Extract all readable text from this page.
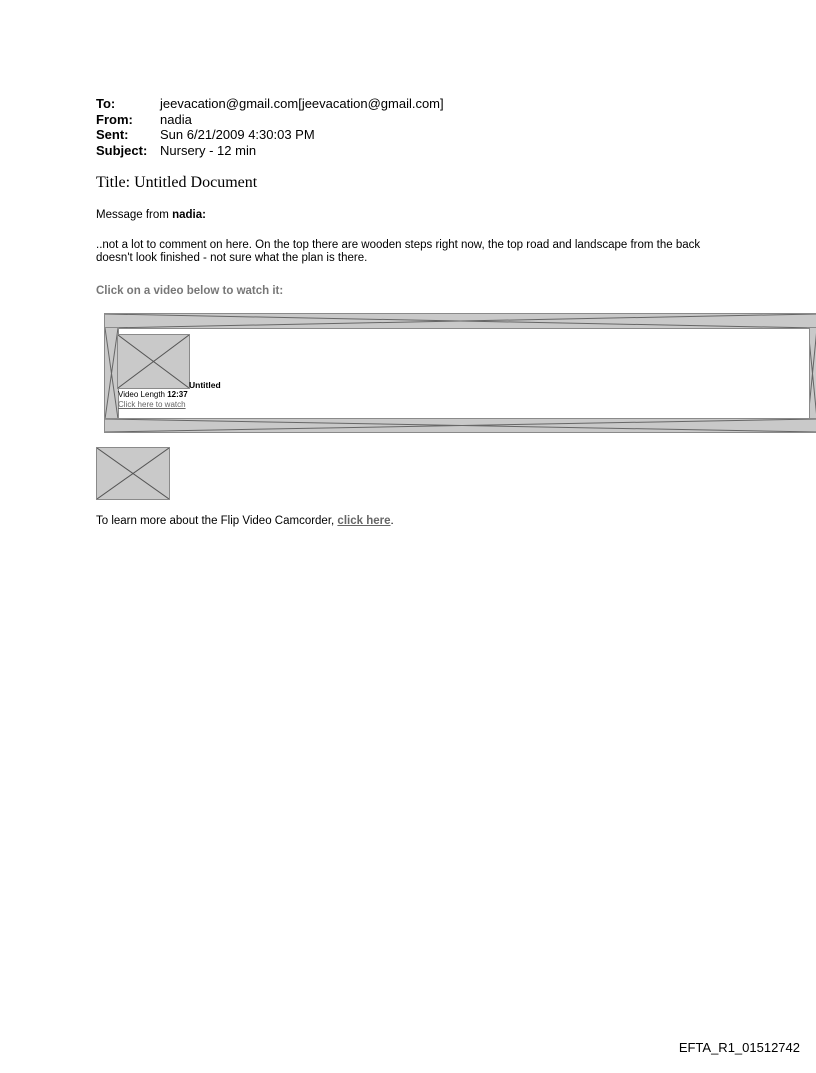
To:	jeevacation@gmail.com[jeevacation@gmail.com]
From:	nadia
Sent:	Sun 6/21/2009 4:30:03 PM
Subject: Nursery - 12 min
Title: Untitled Document
Message from nadia:
..not a lot to comment on here. On the top there are wooden steps right now, the top road and landscape from the back doesn't look finished - not sure what the plan is there.
Click on a video below to watch it:
Untitled
Video Length 12:37
Click here to watch
To learn more about the Flip Video Camcorder, click here.
EFTA_R1_01512742
